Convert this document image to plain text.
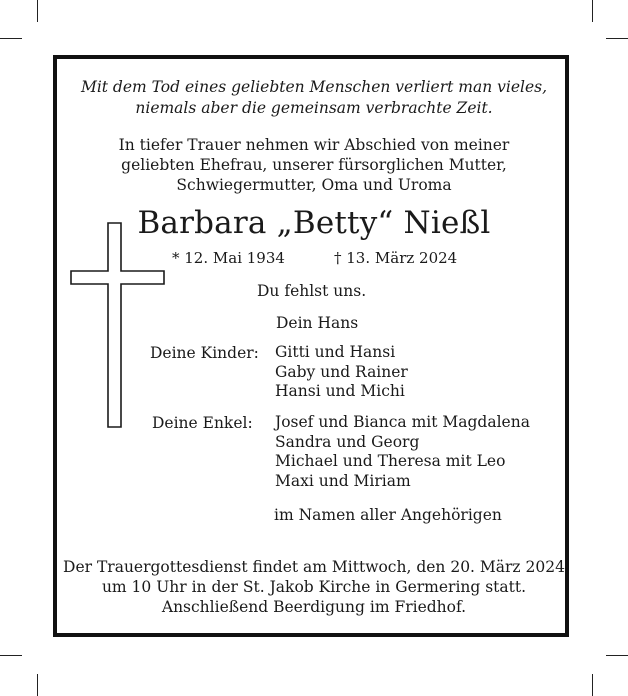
Mit dem Tod eines geliebten Menschen verliert man vieles,
niemals aber die gemeinsam verbrachte Zeit.
In tiefer Trauer nehmen wir Abschied von meiner
geliebten Ehefrau, unserer fürsorglichen Mutter,
Schwiegermutter, Oma und Uroma
Barbara „Betty“ Nießl
* 12. Mai 1934	† 13. März 2024
Du fehlst uns.
Dein Hans
Deine Kinder: Gitti und Hansi
Gaby und Rainer
Hansi und Michi
Deine Enkel: Josef und Bianca mit Magdalena
Sandra und Georg
Michael und Theresa mit Leo
Maxi und Miriam
im Namen aller Angehörigen
Der Trauergottesdienst findet am Mittwoch, den 20. März 2024
um 10 Uhr in der St. Jakob Kirche in Germering statt.
Anschließend Beerdigung im Friedhof.
